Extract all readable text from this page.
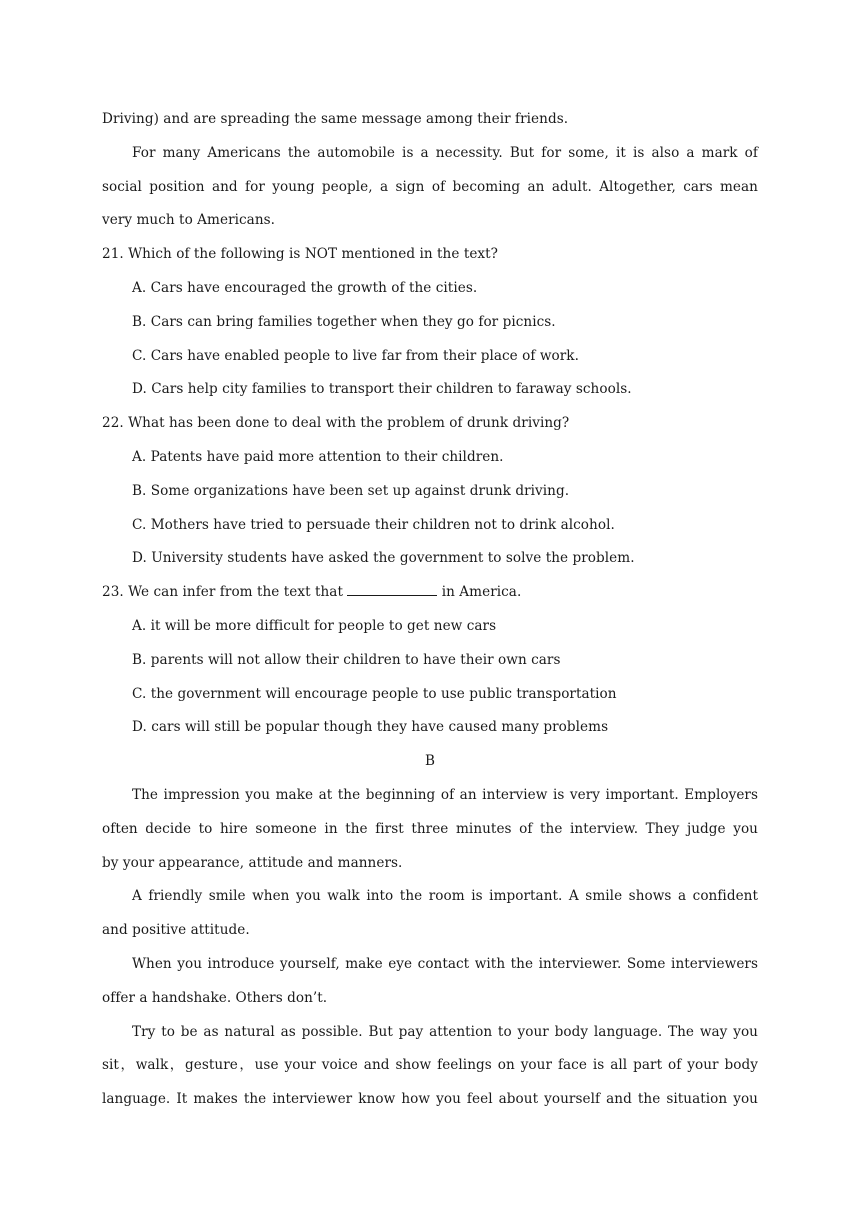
Driving) and are spreading the same message among their friends.
For many Americans the automobile is a necessity. But for some, it is also a mark of
social position and for young people, a sign of becoming an adult. Altogether, cars mean
very much to Americans.
21. Which of the following is NOT mentioned in the text?
A. Cars have encouraged the growth of the cities.
B. Cars can bring families together when they go for picnics.
C. Cars have enabled people to live far from their place of work.
D. Cars help city families to transport their children to faraway schools.
22. What has been done to deal with the problem of drunk driving?
A. Patents have paid more attention to their children.
B. Some organizations have been set up against drunk driving.
C. Mothers have tried to persuade their children not to drink alcohol.
D. University students have asked the government to solve the problem.
23. We can infer from the text that	in America.
A. it will be more difficult for people to get new cars
B. parents will not allow their children to have their own cars
C. the government will encourage people to use public transportation
D. cars will still be popular though they have caused many problems
B
The impression you make at the beginning of an interview is very important. Employers
often decide to hire someone in the first three minutes of the interview. They judge you
by your appearance, attitude and manners.
A friendly smile when you walk into the room is important. A smile shows a confident
and positive attitude.
When you introduce yourself, make eye contact with the interviewer. Some interviewers
offer a handshake. Others don’t.
Try to be as natural as possible. But pay attention to your body language. The way you
sit，walk，gesture，use your voice and show feelings on your face is all part of your body
language. It makes the interviewer know how you feel about yourself and the situation you
